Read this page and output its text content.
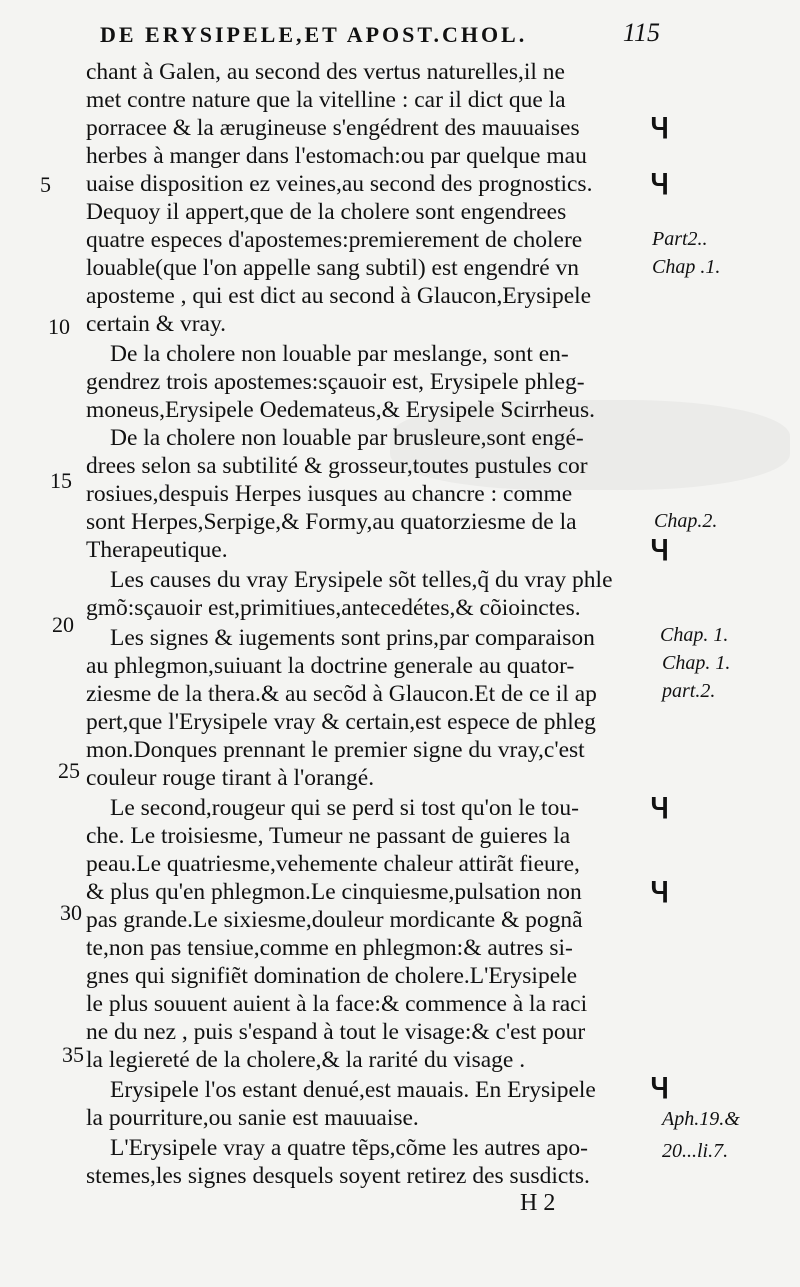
DE ERYSIPELE,ET APOST.CHOL.	115
chant à Galen, au second des vertus naturelles,il ne
met contre nature que la vitelline : car il dict que la
porracee & la ærugineuse s'engédrent des mauuaises
herbes à manger dans l'estomach:ou par quelque mau
uaise disposition ez veines,au second des prognostics.
Dequoy il appert,que de la cholere sont engendrees
quatre especes d'apostemes:premierement de cholere
louable(que l'on appelle sang subtil) est engendré vn
aposteme , qui est dict au second à Glaucon,Erysipele
certain & vray.
De la cholere non louable par meslange, sont en-
gendrez trois apostemes:sçauoir est, Erysipele phleg-
moneus,Erysipele Oedemateus,& Erysipele Scirrheus.
De la cholere non louable par brusleure,sont engé-
drees selon sa subtilité & grosseur,toutes pustules cor
rosiues,despuis Herpes iusques au chancre : comme
sont Herpes,Serpige,& Formy,au quatorziesme de la
Therapeutique.
Les causes du vray Erysipele sõt telles,q̃ du vray phle
gmõ:sçauoir est,primitiues,antecedétes,& cõioinctes.
Les signes & iugements sont prins,par comparaison
au phlegmon,suiuant la doctrine generale au quator-
ziesme de la thera.& au secõd à Glaucon.Et de ce il ap
pert,que l'Erysipele vray & certain,est espece de phleg
mon.Donques prennant le premier signe du vray,c'est
couleur rouge tirant à l'orangé.
Le second,rougeur qui se perd si tost qu'on le tou-
che. Le troisiesme, Tumeur ne passant de guieres la
peau.Le quatriesme,vehemente chaleur attirãt fieure,
& plus qu'en phlegmon.Le cinquiesme,pulsation non
pas grande.Le sixiesme,douleur mordicante & pognã
te,non pas tensiue,comme en phlegmon:& autres si-
gnes qui signifiẽt domination de cholere.L'Erysipele
le plus souuent auient à la face:& commence à la raci
ne du nez , puis s'espand à tout le visage:& c'est pour
la legiereté de la cholere,& la rarité du visage .
Erysipele l'os estant denué,est mauais. En Erysipele
la pourriture,ou sanie est mauuaise.
L'Erysipele vray a quatre tẽps,cõme les autres apo-
stemes,les signes desquels soyent retirez des susdicts.
5
10
15
20
25
30
35
Part2..
Chap .1.
Chap.2.
Chap. 1.
Chap. 1.
part.2.
Aph.19.&
20...li.7.
Ɥ
Ɥ
Ɥ
Ɥ
Ɥ
Ɥ
H 2
